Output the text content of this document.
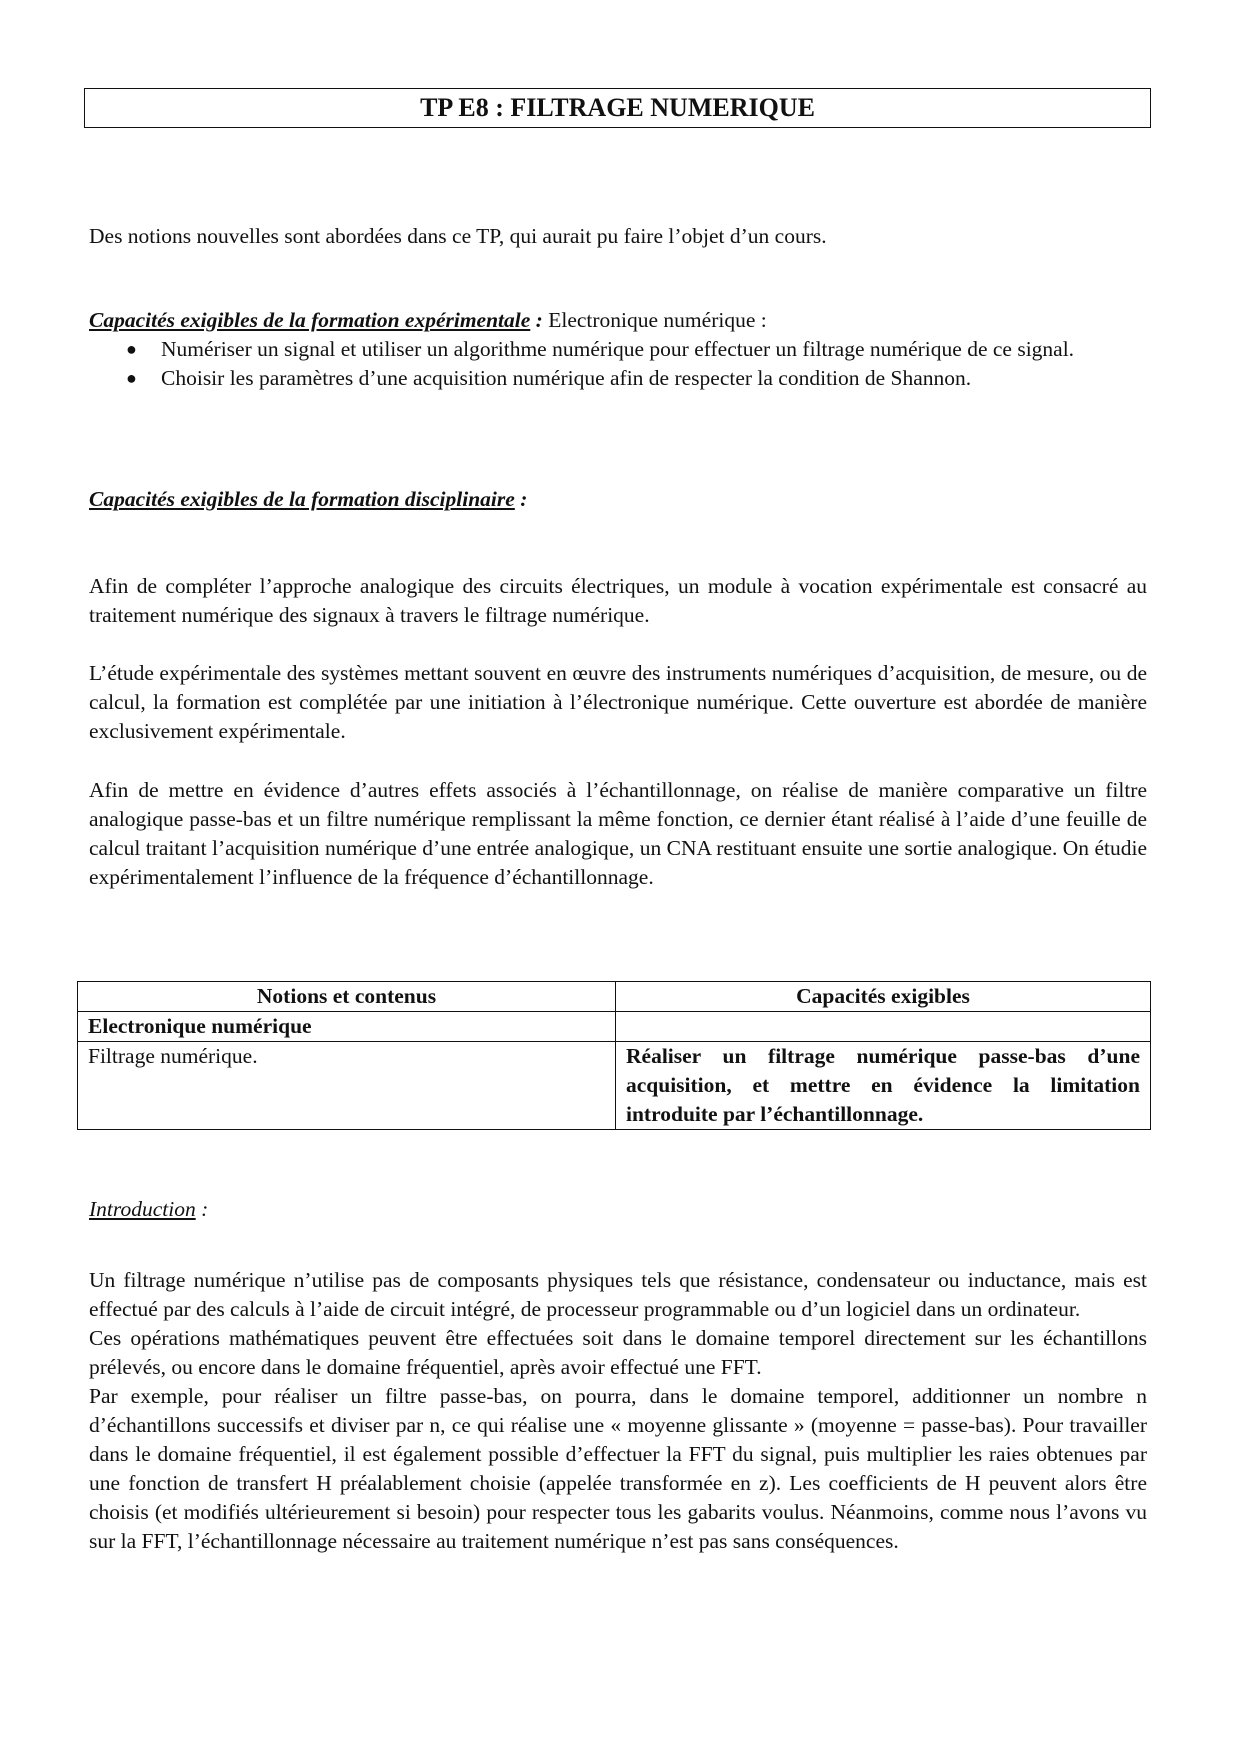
TP E8 : FILTRAGE NUMERIQUE

Des notions nouvelles sont abordées dans ce TP, qui aurait pu faire l’objet d’un cours.

Capacités exigibles de la formation expérimentale : Electronique numérique :

● Numériser un signal et utiliser un algorithme numérique pour effectuer un filtrage numérique de ce signal.
● Choisir les paramètres d’une acquisition numérique afin de respecter la condition de Shannon.

Capacités exigibles de la formation disciplinaire :

Afin de compléter l’approche analogique des circuits électriques, un module à vocation expérimentale est consacré au traitement numérique des signaux à travers le filtrage numérique.

L’étude expérimentale des systèmes mettant souvent en œuvre des instruments numériques d’acquisition, de mesure, ou de calcul, la formation est complétée par une initiation à l’électronique numérique. Cette ouverture est abordée de manière exclusivement expérimentale.

Afin de mettre en évidence d’autres effets associés à l’échantillonnage, on réalise de manière comparative un filtre analogique passe-bas et un filtre numérique remplissant la même fonction, ce dernier étant réalisé à l’aide d’une feuille de calcul traitant l’acquisition numérique d’une entrée analogique, un CNA restituant ensuite une sortie analogique. On étudie expérimentalement l’influence de la fréquence d’échantillonnage.

Notions et contenus	Capacités exigibles
Electronique numérique	
Filtrage numérique.	Réaliser un filtrage numérique passe-bas d’une acquisition, et mettre en évidence la limitation introduite par l’échantillonnage.

Introduction :

Un filtrage numérique n’utilise pas de composants physiques tels que résistance, condensateur ou inductance, mais est effectué par des calculs à l’aide de circuit intégré, de processeur programmable ou d’un logiciel dans un ordinateur.

Ces opérations mathématiques peuvent être effectuées soit dans le domaine temporel directement sur les échantillons prélevés, ou encore dans le domaine fréquentiel, après avoir effectué une FFT.

Par exemple, pour réaliser un filtre passe-bas, on pourra, dans le domaine temporel, additionner un nombre n d’échantillons successifs et diviser par n, ce qui réalise une « moyenne glissante » (moyenne = passe-bas). Pour travailler dans le domaine fréquentiel, il est également possible d’effectuer la FFT du signal, puis multiplier les raies obtenues par une fonction de transfert H préalablement choisie (appelée transformée en z). Les coefficients de H peuvent alors être choisis (et modifiés ultérieurement si besoin) pour respecter tous les gabarits voulus. Néanmoins, comme nous l’avons vu sur la FFT, l’échantillonnage nécessaire au traitement numérique n’est pas sans conséquences.
